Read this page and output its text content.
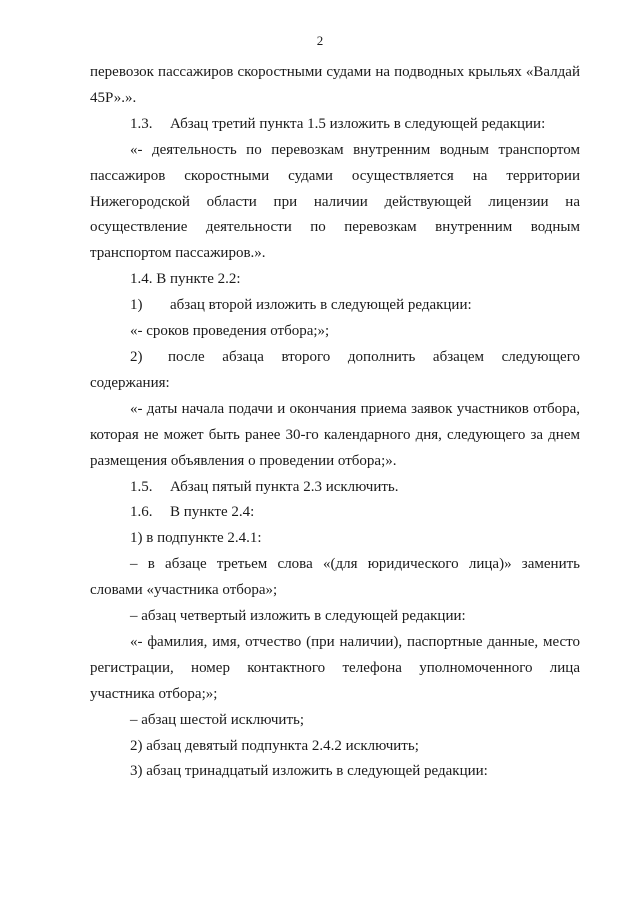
2

перевозок пассажиров скоростными судами на подводных крыльях «Валдай 45Р».».

1.3. Абзац третий пункта 1.5 изложить в следующей редакции:

«- деятельность по перевозкам внутренним водным транспортом пассажиров скоростными судами осуществляется на территории Нижегородской области при наличии действующей лицензии на осуществление деятельности по перевозкам внутренним водным транспортом пассажиров.».

1.4. В пункте 2.2:

1) абзац второй изложить в следующей редакции:

«- сроков проведения отбора;»;

2) после абзаца второго дополнить абзацем следующего содержания:

«- даты начала подачи и окончания приема заявок участников отбора, которая не может быть ранее 30-го календарного дня, следующего за днем размещения объявления о проведении отбора;».

1.5. Абзац пятый пункта 2.3 исключить.

1.6. В пункте 2.4:

1) в подпункте 2.4.1:

– в абзаце третьем слова «(для юридического лица)» заменить словами «участника отбора»;

– абзац четвертый изложить в следующей редакции:

«- фамилия, имя, отчество (при наличии), паспортные данные, место регистрации, номер контактного телефона уполномоченного лица участника отбора;»;

– абзац шестой исключить;

2) абзац девятый подпункта 2.4.2 исключить;

3) абзац тринадцатый изложить в следующей редакции:
